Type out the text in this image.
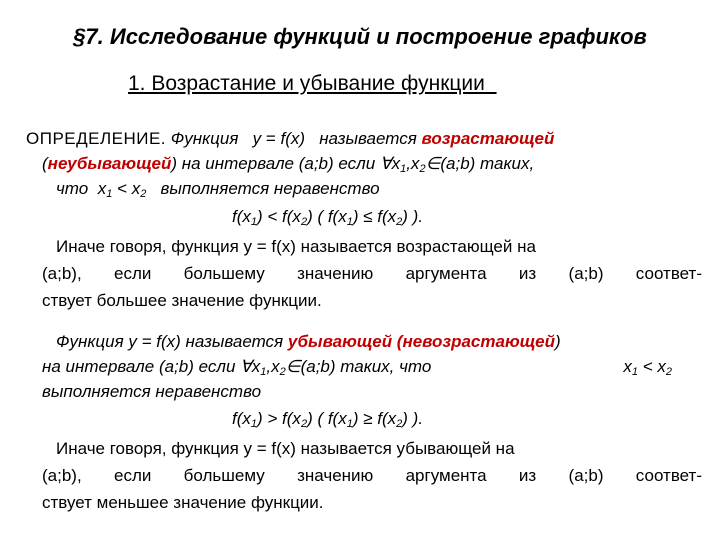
§7. Исследование функций и построение графиков
1. Возрастание и убывание функции
ОПРЕДЕЛЕНИЕ. Функция y = f(x) называется возрастающей
(неубывающей) на интервале (a;b) если $\forall x_1,x_2\in(a;b)$ таких,
что $x_1 < x_2$ выполняется неравенство
$f(x_1) < f(x_2)$ ( $f(x_1) \le f(x_2)$ ).
Иначе говоря, функция y = f(x) называется возрастающей на
(a;b), если большему значению аргумента из (a;b) соответ-
ствует большее значение функции.
Функция y = f(x) называется убывающей (невозрастающей)
на интервале (a;b) если $\forall x_1,x_2\in(a;b)$ таких, что	$x_1 < x_2$
выполняется неравенство
$f(x_1) > f(x_2)$ ( $f(x_1) \ge f(x_2)$ ).
Иначе говоря, функция y = f(x) называется убывающей на
(a;b), если большему значению аргумента из (a;b) соответ-
ствует меньшее значение функции.
